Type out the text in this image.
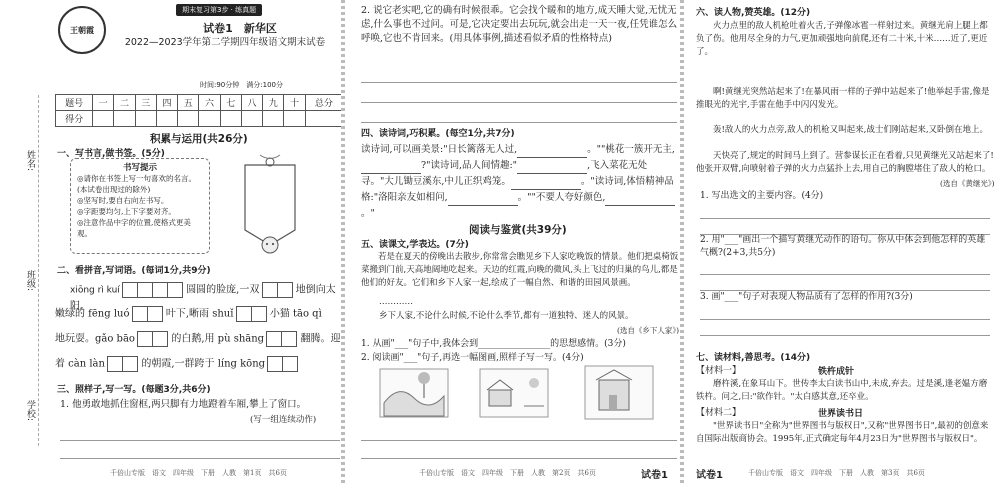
姓名:
班级:
学校:
王朝霞
期末复习第3步 · 练真题
试卷1　新华区
2022—2023学年第二学期四年级语文期末试卷
时间:90分钟　满分:100分
题号	一	二	三	四	五	六	七	八	九	十	总分
得分											
积累与运用(共26分)
一、写书言,做书签。(5分)
书写提示
◎请你在书签上写一句喜欢的名言。(本试卷出现过的除外)
◎坚写时,要自右向左书写。
◎字距要均匀,上下字要对齐。
◎注意作品中字的位置,使格式更美观。
二、看拼音,写词语。(每词1分,共9分)
xiōng rì kuí	圆圆的脸庞,一双	地倒向太阳。
嫩绿的 fēng luó	叶下,晰雨 shuǐ	小猫 tāo qì
地玩耍。gǎo bāo	的白鹅,用 pù shāng	翻腾。迎
着 càn làn	的朝霞,一群跨于 líng kōng
三、照样子,写一写。(每题3分,共6分)
1. 他勇敢地抓住窗框,两只脚有力地蹬着车厢,攀上了窗口。
(写一组连续动作)
千倍山专版　语文　四年级　下册　人教　第1页　共6页
2. 说它老实吧,它的确有时候很乖。它会找个暖和的地方,成天睡大觉,无忧无虑,什么事也不过问。可是,它决定要出去玩玩,就会出走一天一夜,任凭谁怎么呼唤,它也不肯回来。(用具体事例,描述看似矛盾的性格特点)
四、读诗词,巧积累。(每空1分,共7分)
读诗词,可以画美景:"日长篱落无人过,	。""桃花一簇开无主,?"读诗词,品人间情趣:"	,飞入菜花无处寻。"大儿锄豆溪东,中儿正织鸡笼。	。"读诗词,体悟精神品格:"洛阳亲友如相问,	。""不要人夸好颜色,。"
阅读与鉴赏(共39分)
五、读课文,学表达。(7分)
若是在夏天的傍晚出去散步,你常常会瞧见乡下人家吃晚饭的情景。他们把桌椅饭菜搬到门前,天高地阔地吃起来。天边的红霞,向晚的微风,头上飞过的归巢的鸟儿,都是他们的好友。它们和乡下人家一起,绘成了一幅自然、和谐的田园风景画。
…………
乡下人家,不论什么时候,不论什么季节,都有一道独特、迷人的风景。
(选自《乡下人家》)
1. 从画"___"句子中,我体会到________________的思想感情。(3分)
2. 阅读画"___"句子,再选一幅图画,照样子写一写。(4分)
千倍山专版　语文　四年级　下册　人教　第2页　共6页	试卷1
六、读人物,赞英雄。(12分)
火力点里的敌人机枪吐着火舌,子弹像冰雹一样射过来。黄继光肩上腿上都负了伤。他用尽全身的力气,更加顽强地向前爬,还有二十米,十米……近了,更近了。
啊!黄继光突然站起来了!在暴风雨一样的子弹中站起来了!他举起手雷,像是推眼光的光宇,手雷在他手中闪闪发光。
轰!敌人的火力点旁,敌人的机枪又叫起来,战士们刚站起来,又卧倒在地上。
天快亮了,规定的时间马上到了。营参谋长正在看着,只见黄继光又站起来了!他张开双臂,向喷射着子弹的火力点猛扑上去,用自己的胸膛堵住了敌人的枪口。
(选自《黄继光》)
1. 写出选文的主要内容。(4分)
2. 用"___"画出一个描写黄继光动作的语句。你从中体会到他怎样的英雄气概?(2+3,共5分)
3. 画"___"句子对表现人物品质有了怎样的作用?(3分)
七、读材料,善思考。(14分)
【材料一】	铁杵成针
磨杵溪,在象耳山下。世传李太白读书山中,未成,弃去。过是溪,逢老媪方磨铁杵。问之,曰:"欲作针。"太白感其意,还卒业。
【材料二】	世界读书日
"世界读书日"全称为"世界图书与版权日",又称"世界图书日",最初的创意来自国际出版商协会。1995年,正式确定每年4月23日为"世界图书与版权日"。
试卷1	千倍山专版　语文　四年级　下册　人教　第3页　共6页
